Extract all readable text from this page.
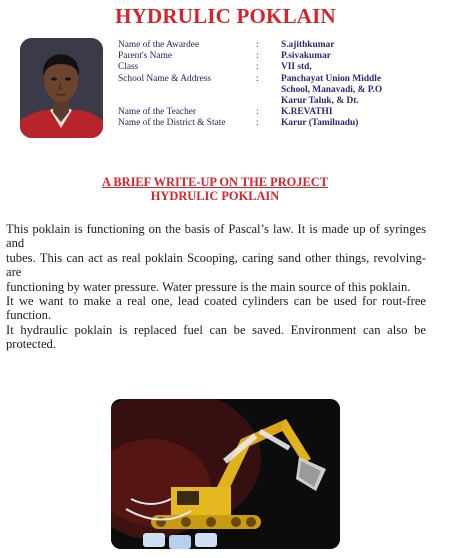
HYDRULIC POKLAIN
Name of the Awardee	:	S.ajithkumar
Parent's Name	:	P.sivakumar
Class	:	VII std,
School Name & Address	:	Panchayat Union Middle
School, Manavadi, & P.O
Karur Taluk, & Dt.
Name of the Teacher	:	K.REVATHI
Name of the District & State	:	Karur (Tamilnadu)
A BRIEF WRITE-UP ON THE PROJECT
HYDRULIC POKLAIN

This poklain is functioning on the basis of Pascal’s law. It is made up of syringes and

tubes. This can act as real poklain Scooping, caring sand other things, revolving- are

functioning by water pressure. Water pressure is the main source of this poklain.

It we want to make a real one, lead coated cylinders can be used for rout-free function.

It hydraulic poklain is replaced fuel can be saved. Environment can also be protected.
